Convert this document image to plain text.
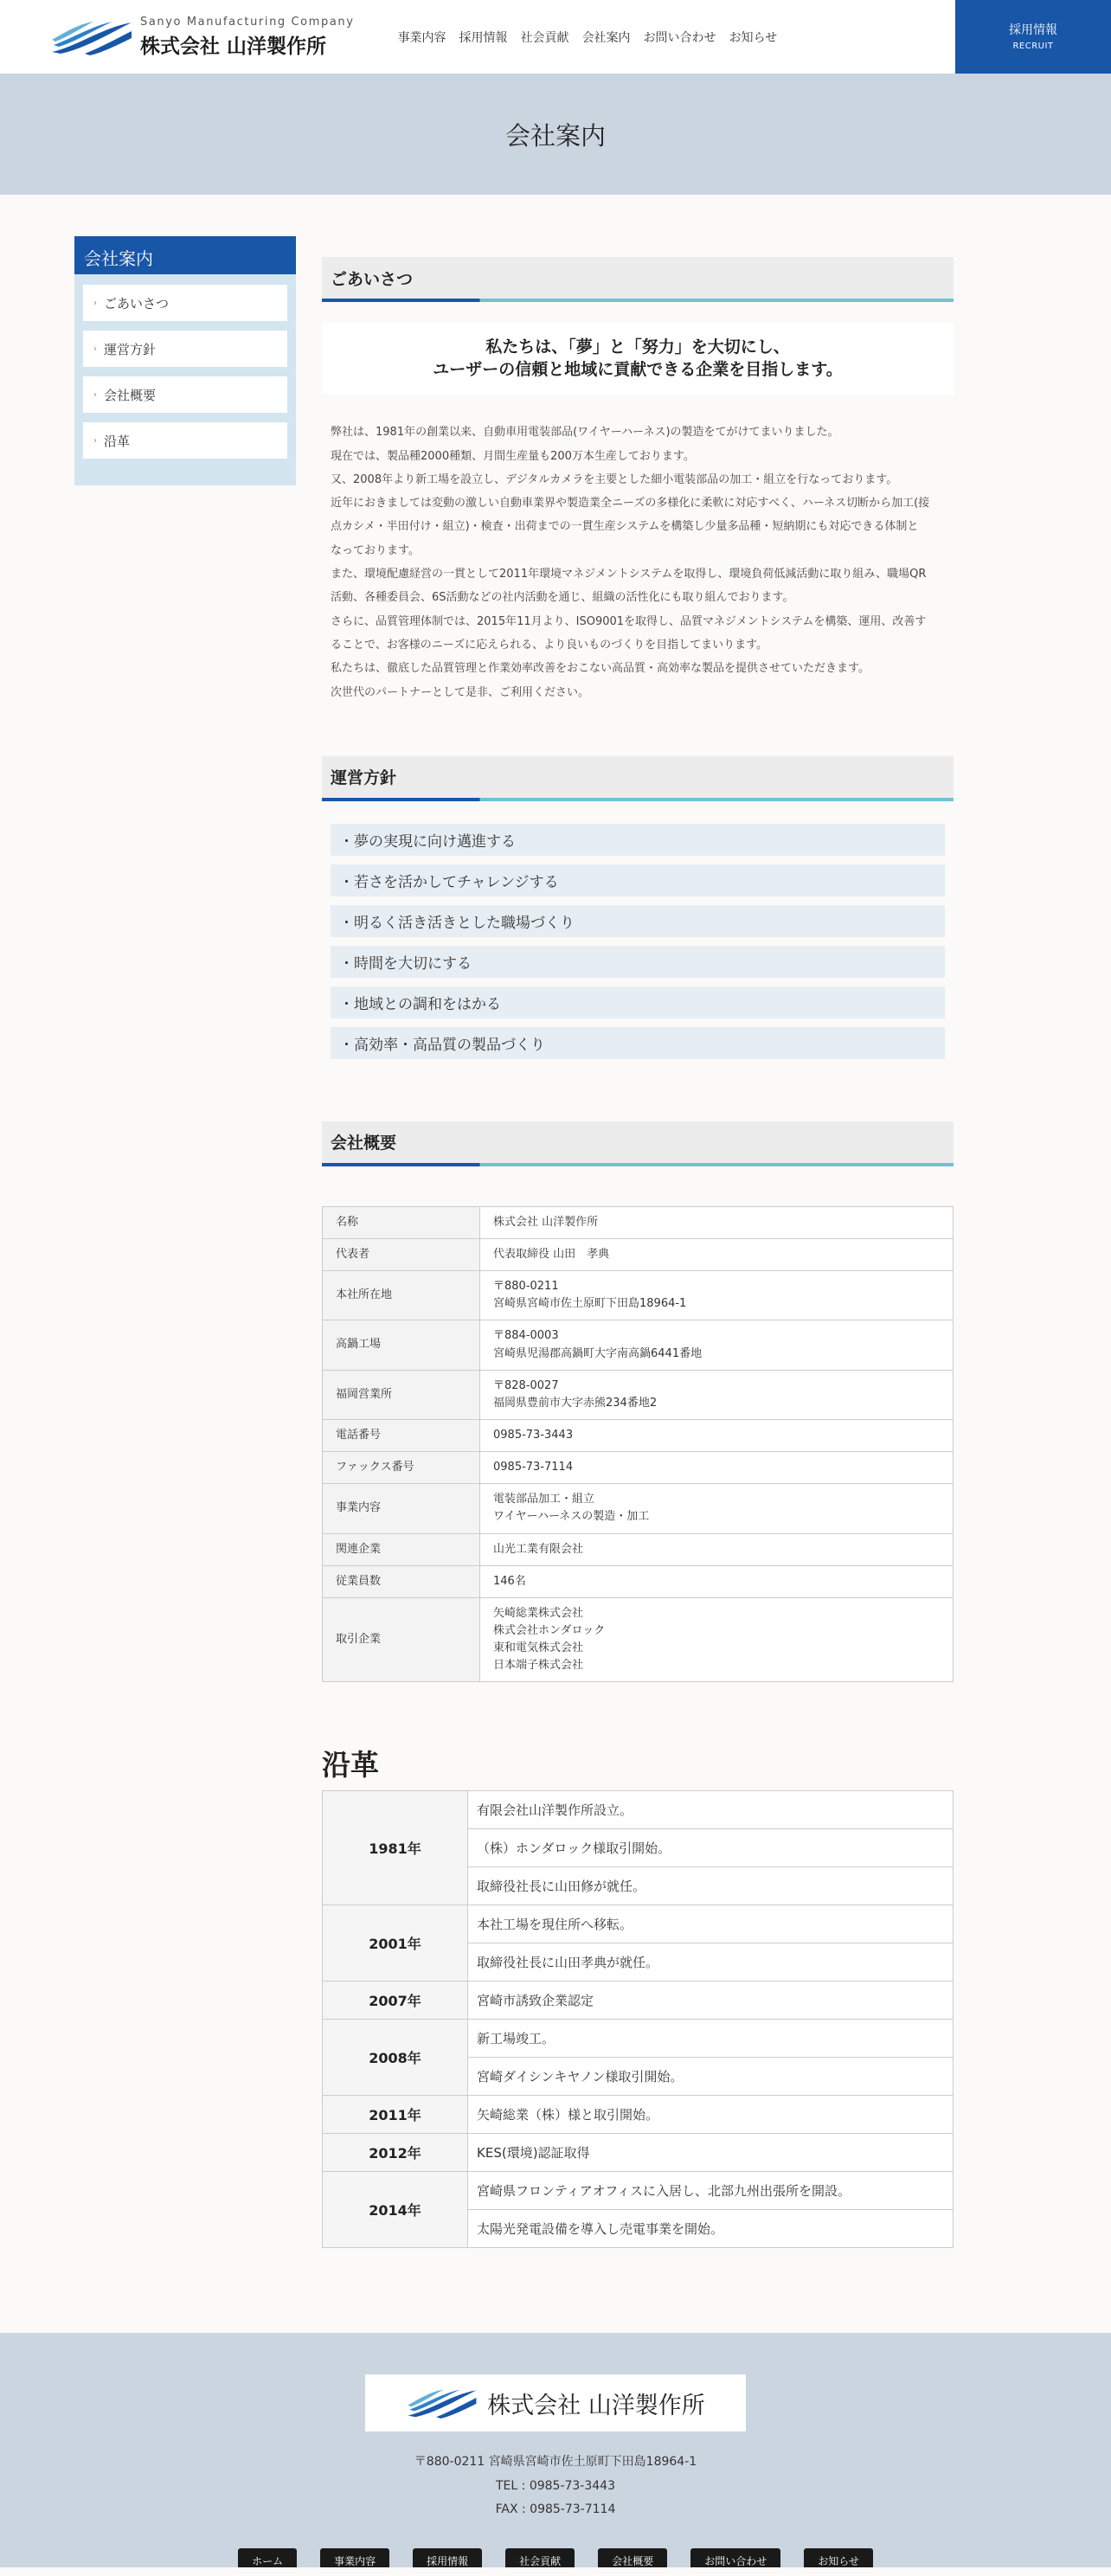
Sanyo Manufacturing Company
株式会社 山洋製作所	事業内容 採用情報 社会貢献 会社案内 お問い合わせ お知らせ
採用情報
RECRUIT
会社案内
会社案内
› ごあいさつ
› 運営方針
› 会社概要
› 沿革
ごあいさつ
私たちは、「夢」と「努力」を大切にし、
ユーザーの信頼と地域に貢献できる企業を目指します。
弊社は、1981年の創業以来、自動車用電装部品(ワイヤーハーネス)の製造をてがけてまいりました。
現在では、製品種2000種類、月間生産量も200万本生産しております。
又、2008年より新工場を設立し、デジタルカメラを主要とした細小電装部品の加工・組立を行なっております。
近年におきましては変動の激しい自動車業界や製造業全ニーズの多様化に柔軟に対応すべく、ハーネス切断から加工(接
点カシメ・半田付け・組立)・検査・出荷までの一貫生産システムを構築し少量多品種・短納期にも対応できる体制と
なっております。
また、環境配慮経営の一貫として2011年環境マネジメントシステムを取得し、環境負荷低減活動に取り組み、職場QR
活動、各種委員会、6S活動などの社内活動を通じ、組織の活性化にも取り組んでおります。
さらに、品質管理体制では、2015年11月より、ISO9001を取得し、品質マネジメントシステムを構築、運用、改善す
ることで、お客様のニーズに応えられる、より良いものづくりを目指してまいります。
私たちは、徹底した品質管理と作業効率改善をおこない高品質・高効率な製品を提供させていただきます。
次世代のパートナーとして是非、ご利用ください。
運営方針
・夢の実現に向け邁進する
・若さを活かしてチャレンジする
・明るく活き活きとした職場づくり
・時間を大切にする
・地域との調和をはかる
・高効率・高品質の製品づくり
会社概要
名称	株式会社 山洋製作所

代表者	代表取締役 山田　孝典

本社所在地	〒880-0211
宮崎県宮崎市佐土原町下田島18964-1

高鍋工場	〒884-0003
宮崎県児湯郡高鍋町大字南高鍋6441番地

福岡営業所	〒828-0027
福岡県豊前市大字赤熊234番地2

電話番号	0985-73-3443

ファックス番号	0985-73-7114

事業内容	電装部品加工・組立
ワイヤーハーネスの製造・加工

関連企業	山光工業有限会社

従業員数	146名

取引企業	矢崎総業株式会社
株式会社ホンダロック
東和電気株式会社
日本端子株式会社
沿革
1981年	有限会社山洋製作所設立。
	（株）ホンダロック様取引開始。
	取締役社長に山田修が就任。
2001年	本社工場を現住所へ移転。
	取締役社長に山田孝典が就任。
2007年	宮崎市誘致企業認定
2008年	新工場竣工。
	宮崎ダイシンキヤノン様取引開始。
2011年	矢崎総業（株）様と取引開始。
2012年	KES(環境)認証取得
2014年	宮崎県フロンティアオフィスに入居し、北部九州出張所を開設。
	太陽光発電設備を導入し売電事業を開始。
株式会社 山洋製作所
〒880-0211 宮崎県宮崎市佐土原町下田島18964-1
TEL : 0985-73-3443
FAX : 0985-73-7114
ホーム	事業内容	採用情報	社会貢献	会社概要	お問い合わせ	お知らせ
